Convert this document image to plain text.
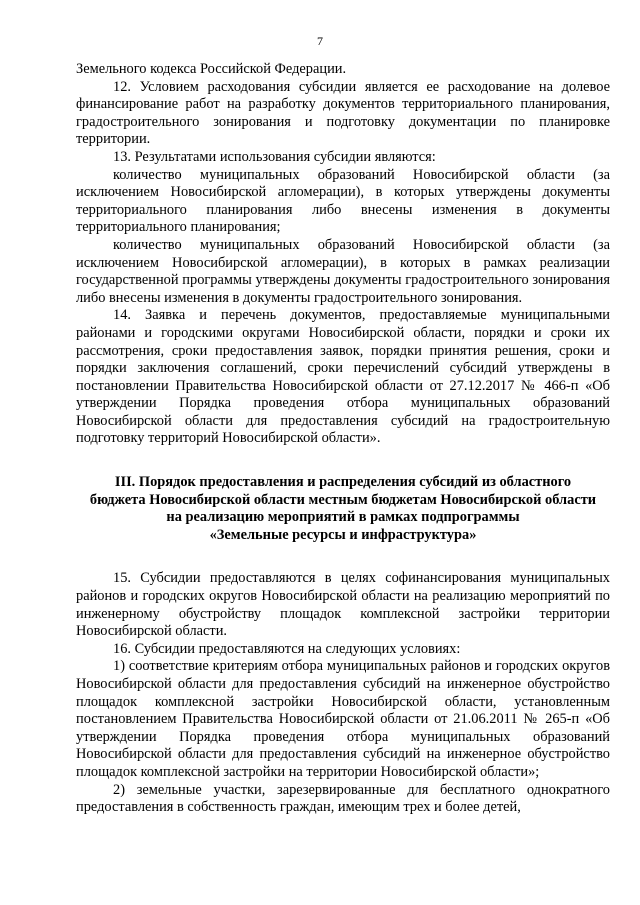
7

Земельного кодекса Российской Федерации.

12. Условием расходования субсидии является ее расходование на долевое финансирование работ на разработку документов территориального планирования, градостроительного зонирования и подготовку документации по планировке территории.

13. Результатами использования субсидии являются:

количество муниципальных образований Новосибирской области (за исключением Новосибирской агломерации), в которых утверждены документы территориального планирования либо внесены изменения в документы территориального планирования;

количество муниципальных образований Новосибирской области (за исключением Новосибирской агломерации), в которых в рамках реализации государственной программы утверждены документы градостроительного зонирования либо внесены изменения в документы градостроительного зонирования.

14. Заявка и перечень документов, предоставляемые муниципальными районами и городскими округами Новосибирской области, порядки и сроки их рассмотрения, сроки предоставления заявок, порядки принятия решения, сроки и порядки заключения соглашений, сроки перечислений субсидий утверждены в постановлении Правительства Новосибирской области от 27.12.2017 № 466-п «Об утверждении Порядка проведения отбора муниципальных образований Новосибирской области для предоставления субсидий на градостроительную подготовку территорий Новосибирской области».

III. Порядок предоставления и распределения субсидий из областного
бюджета Новосибирской области местным бюджетам Новосибирской области
на реализацию мероприятий в рамках подпрограммы
«Земельные ресурсы и инфраструктура»

15. Субсидии предоставляются в целях софинансирования муниципальных районов и городских округов Новосибирской области на реализацию мероприятий по инженерному обустройству площадок комплексной застройки территории Новосибирской области.

16. Субсидии предоставляются на следующих условиях:

1) соответствие критериям отбора муниципальных районов и городских округов Новосибирской области для предоставления субсидий на инженерное обустройство площадок комплексной застройки Новосибирской области, установленным постановлением Правительства Новосибирской области от 21.06.2011 № 265-п «Об утверждении Порядка проведения отбора муниципальных образований Новосибирской области для предоставления субсидий на инженерное обустройство площадок комплексной застройки на территории Новосибирской области»;

2) земельные участки, зарезервированные для бесплатного однократного предоставления в собственность граждан, имеющим трех и более детей,
